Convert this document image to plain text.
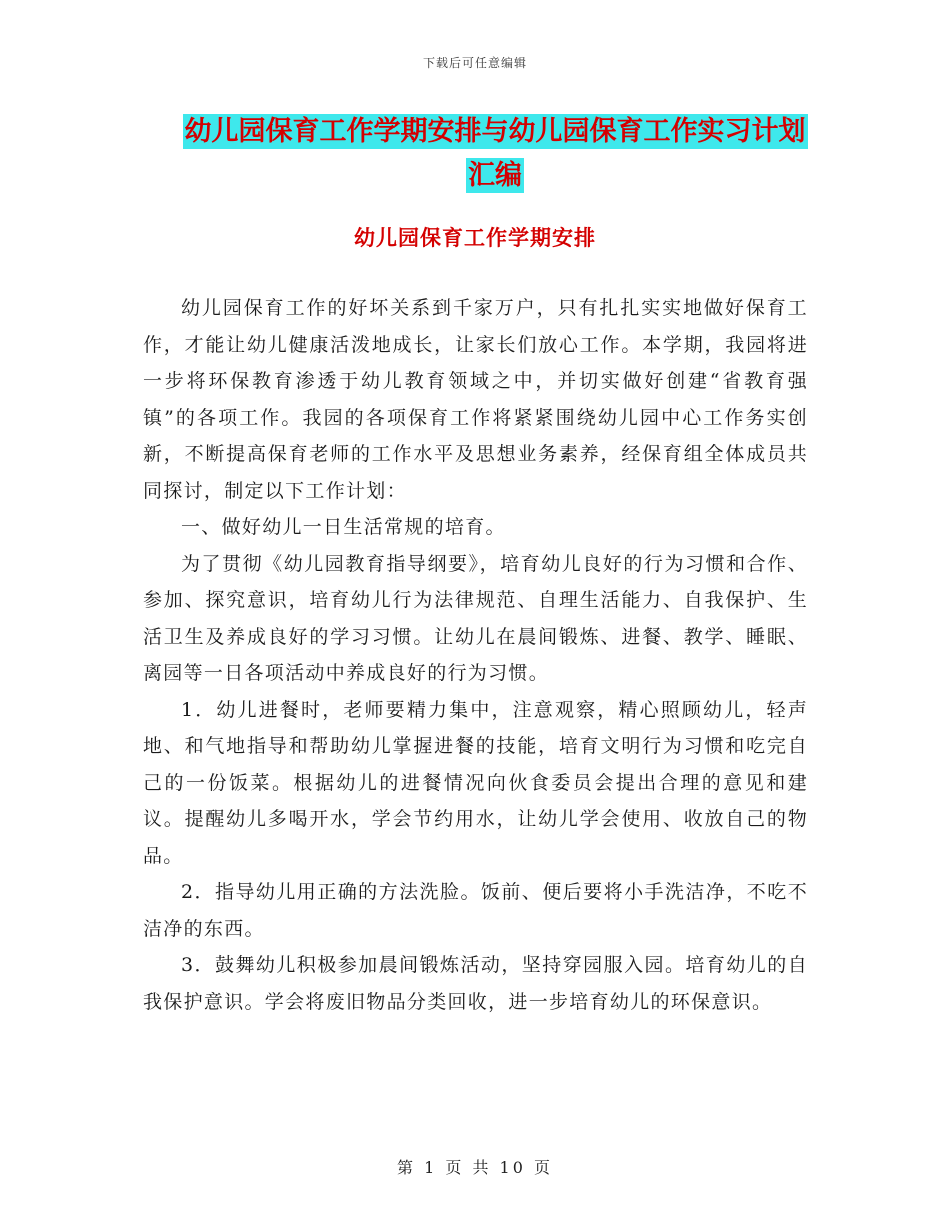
下载后可任意编辑
幼儿园保育工作学期安排与幼儿园保育工作实习计划
汇编
幼儿园保育工作学期安排

幼儿园保育工作的好坏关系到千家万户，只有扎扎实实地做好保育工作，才能让幼儿健康活泼地成长，让家长们放心工作。本学期，我园将进一步将环保教育渗透于幼儿教育领域之中，并切实做好创建“省教育强镇”的各项工作。我园的各项保育工作将紧紧围绕幼儿园中心工作务实创新，不断提高保育老师的工作水平及思想业务素养，经保育组全体成员共同探讨，制定以下工作计划：

一、做好幼儿一日生活常规的培育。

为了贯彻《幼儿园教育指导纲要》，培育幼儿良好的行为习惯和合作、参加、探究意识，培育幼儿行为法律规范、自理生活能力、自我保护、生活卫生及养成良好的学习习惯。让幼儿在晨间锻炼、进餐、教学、睡眠、离园等一日各项活动中养成良好的行为习惯。

1．幼儿进餐时，老师要精力集中，注意观察，精心照顾幼儿，轻声地、和气地指导和帮助幼儿掌握进餐的技能，培育文明行为习惯和吃完自己的一份饭菜。根据幼儿的进餐情况向伙食委员会提出合理的意见和建议。提醒幼儿多喝开水，学会节约用水，让幼儿学会使用、收放自己的物品。

2．指导幼儿用正确的方法洗脸。饭前、便后要将小手洗洁净，不吃不洁净的东西。

3．鼓舞幼儿积极参加晨间锻炼活动，坚持穿园服入园。培育幼儿的自我保护意识。学会将废旧物品分类回收，进一步培育幼儿的环保意识。

第 1 页 共 10 页
